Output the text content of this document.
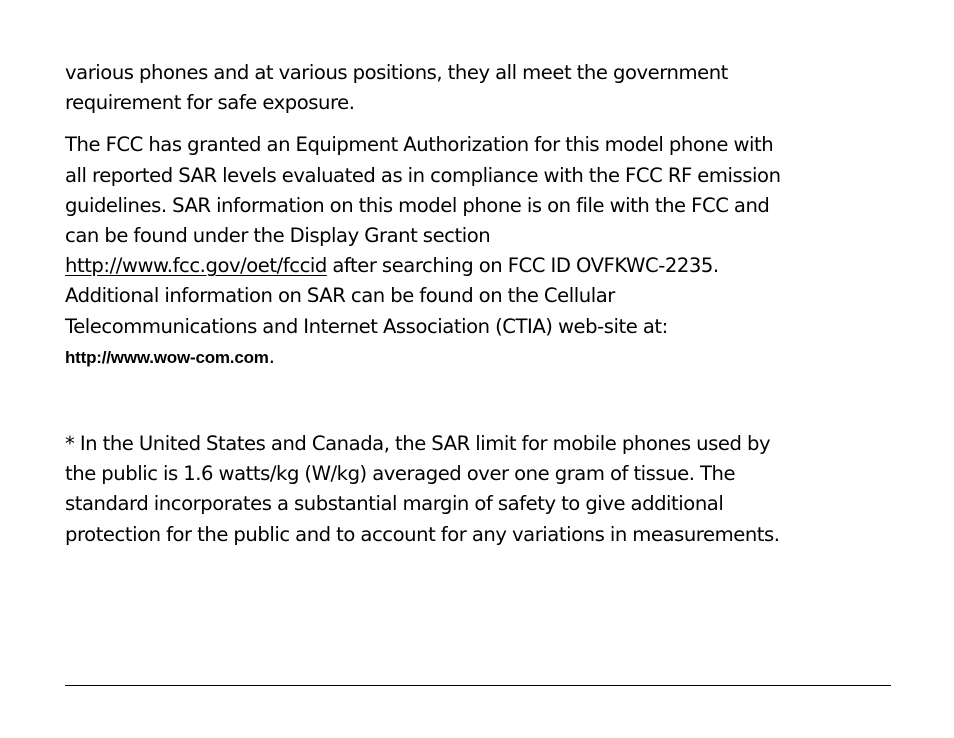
various phones and at various positions, they all meet the government
requirement for safe exposure.

The FCC has granted an Equipment Authorization for this model phone with
all reported SAR levels evaluated as in compliance with the FCC RF emission
guidelines. SAR information on this model phone is on file with the FCC and
can be found under the Display Grant section
http://www.fcc.gov/oet/fccid after searching on FCC ID OVFKWC-2235.
Additional information on SAR can be found on the Cellular
Telecommunications and Internet Association (CTIA) web-site at:
http://www.wow-com.com.

* In the United States and Canada, the SAR limit for mobile phones used by
the public is 1.6 watts/kg (W/kg) averaged over one gram of tissue. The
standard incorporates a substantial margin of safety to give additional
protection for the public and to account for any variations in measurements.
